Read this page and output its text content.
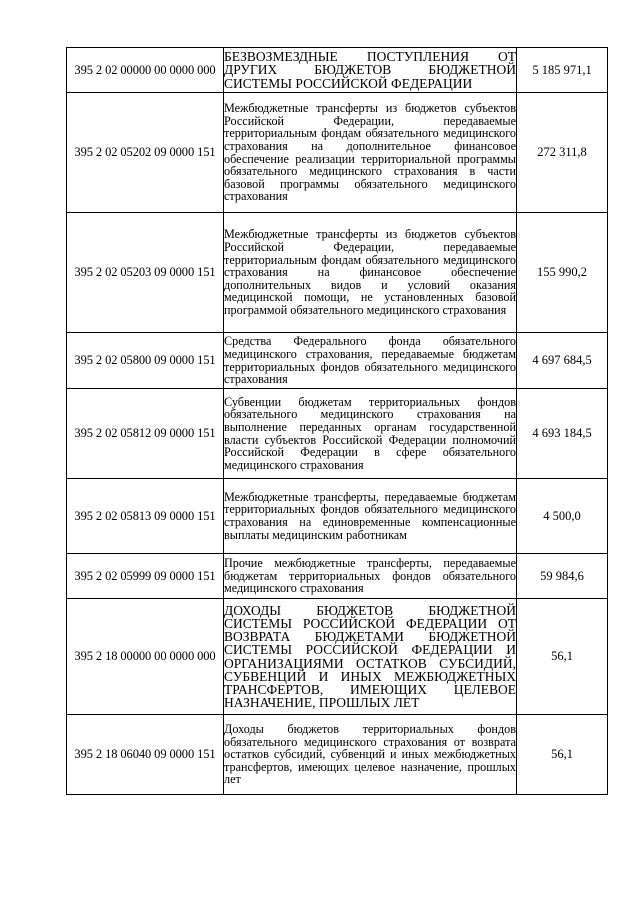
395 2 02 00000 00 0000 000	БЕЗВОЗМЕЗДНЫЕ ПОСТУПЛЕНИЯ ОТ ДРУГИХ БЮДЖЕТОВ БЮДЖЕТНОЙ СИСТЕМЫ РОССИЙСКОЙ ФЕДЕРАЦИИ	5 185 971,1
395 2 02 05202 09 0000 151	Межбюджетные трансферты из бюджетов субъектов Российской Федерации, передаваемые территориальным фондам обязательного медицинского страхования на дополнительное финансовое обеспечение реализации территориальной программы обязательного медицинского страхования в части базовой программы обязательного медицинского страхования	272 311,8
395 2 02 05203 09 0000 151	Межбюджетные трансферты из бюджетов субъектов Российской Федерации, передаваемые территориальным фондам обязательного медицинского страхования на финансовое обеспечение дополнительных видов и условий оказания медицинской помощи, не установленных базовой программой обязательного медицинского страхования	155 990,2
395 2 02 05800 09 0000 151	Средства Федерального фонда обязательного медицинского страхования, передаваемые бюджетам территориальных фондов обязательного медицинского страхования	4 697 684,5
395 2 02 05812 09 0000 151	Субвенции бюджетам территориальных фондов обязательного медицинского страхования на выполнение переданных органам государственной власти субъектов Российской Федерации полномочий Российской Федерации в сфере обязательного медицинского страхования	4 693 184,5
395 2 02 05813 09 0000 151	Межбюджетные трансферты, передаваемые бюджетам территориальных фондов обязательного медицинского страхования на единовременные компенсационные выплаты медицинским работникам	4 500,0
395 2 02 05999 09 0000 151	Прочие межбюджетные трансферты, передаваемые бюджетам территориальных фондов обязательного медицинского страхования	59 984,6
395 2 18 00000 00 0000 000	ДОХОДЫ БЮДЖЕТОВ БЮДЖЕТНОЙ СИСТЕМЫ РОССИЙСКОЙ ФЕДЕРАЦИИ ОТ ВОЗВРАТА БЮДЖЕТАМИ БЮДЖЕТНОЙ СИСТЕМЫ РОССИЙСКОЙ ФЕДЕРАЦИИ И ОРГАНИЗАЦИЯМИ ОСТАТКОВ СУБСИДИЙ, СУБВЕНЦИЙ И ИНЫХ МЕЖБЮДЖЕТНЫХ ТРАНСФЕРТОВ, ИМЕЮЩИХ ЦЕЛЕВОЕ НАЗНАЧЕНИЕ, ПРОШЛЫХ ЛЕТ	56,1
395 2 18 06040 09 0000 151	Доходы бюджетов территориальных фондов обязательного медицинского страхования от возврата остатков субсидий, субвенций и иных межбюджетных трансфертов, имеющих целевое назначение, прошлых лет	56,1
